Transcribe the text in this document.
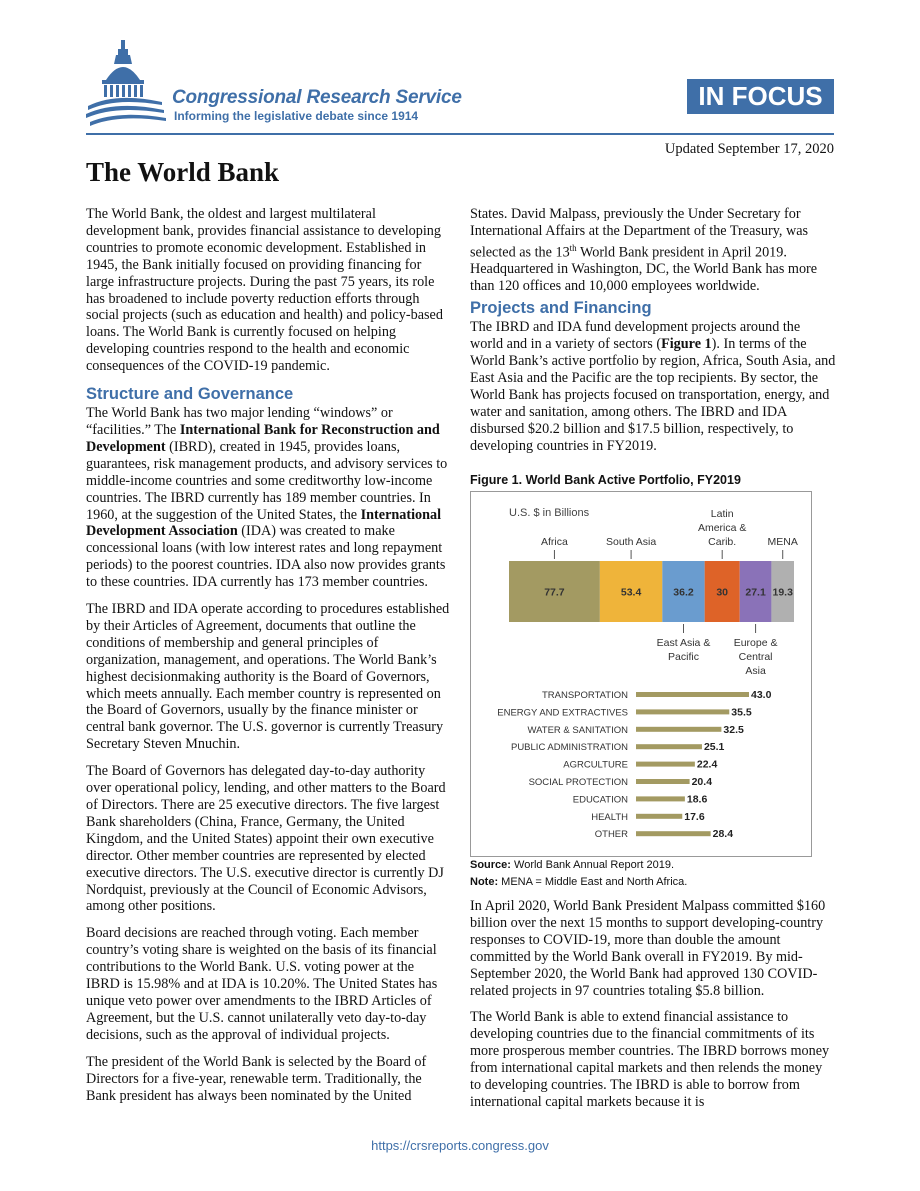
Congressional Research Service
Informing the legislative debate since 1914
IN FOCUS
Updated September 17, 2020
The World Bank

The World Bank, the oldest and largest multilateral development bank, provides financial assistance to developing countries to promote economic development. Established in 1945, the Bank initially focused on providing financing for large infrastructure projects. During the past 75 years, its role has broadened to include poverty reduction efforts through social projects (such as education and health) and policy-based loans. The World Bank is currently focused on helping developing countries respond to the health and economic consequences of the COVID-19 pandemic.

Structure and Governance

The World Bank has two major lending “windows” or “facilities.” The International Bank for Reconstruction and Development (IBRD), created in 1945, provides loans, guarantees, risk management products, and advisory services to middle-income countries and some creditworthy low-income countries. The IBRD currently has 189 member countries. In 1960, at the suggestion of the United States, the International Development Association (IDA) was created to make concessional loans (with low interest rates and long repayment periods) to the poorest countries. IDA also now provides grants to these countries. IDA currently has 173 member countries.

The IBRD and IDA operate according to procedures established by their Articles of Agreement, documents that outline the conditions of membership and general principles of organization, management, and operations. The World Bank’s highest decisionmaking authority is the Board of Governors, which meets annually. Each member country is represented on the Board of Governors, usually by the finance minister or central bank governor. The U.S. governor is currently Treasury Secretary Steven Mnuchin.

The Board of Governors has delegated day-to-day authority over operational policy, lending, and other matters to the Board of Directors. There are 25 executive directors. The five largest Bank shareholders (China, France, Germany, the United Kingdom, and the United States) appoint their own executive director. Other member countries are represented by elected executive directors. The U.S. executive director is currently DJ Nordquist, previously at the Council of Economic Advisors, among other positions.

Board decisions are reached through voting. Each member country’s voting share is weighted on the basis of its financial contributions to the World Bank. U.S. voting power at the IBRD is 15.98% and at IDA is 10.20%. The United States has unique veto power over amendments to the IBRD Articles of Agreement, but the U.S. cannot unilaterally veto day-to-day decisions, such as the approval of individual projects.

The president of the World Bank is selected by the Board of Directors for a five-year, renewable term. Traditionally, the Bank president has always been nominated by the United

States. David Malpass, previously the Under Secretary for International Affairs at the Department of the Treasury, was selected as the 13th World Bank president in April 2019. Headquartered in Washington, DC, the World Bank has more than 120 offices and 10,000 employees worldwide.

Projects and Financing

The IBRD and IDA fund development projects around the world and in a variety of sectors (Figure 1). In terms of the World Bank’s active portfolio by region, Africa, South Asia, and East Asia and the Pacific are the top recipients. By sector, the World Bank has projects focused on transportation, energy, and water and sanitation, among others. The IBRD and IDA disbursed $20.2 billion and $17.5 billion, respectively, to developing countries in FY2019.

Figure 1. World Bank Active Portfolio, FY2019
U.S. $ in Billions
77.7	53.4	36.2 30 27.1 19.3
Africa	South Asia
Latin
America &
Carib.	MENA
East Asia &
Pacific
Europe &
Central
Asia
TRANSPORTATION	43.0
ENERGY AND EXTRACTIVES	35.5
WATER & SANITATION	32.5
PUBLIC ADMINISTRATION	25.1
AGRCULTURE	22.4
SOCIAL PROTECTION	20.4
EDUCATION	18.6
HEALTH	17.6
OTHER	28.4

Source: World Bank Annual Report 2019.

Note: MENA = Middle East and North Africa.

In April 2020, World Bank President Malpass committed $160 billion over the next 15 months to support developing-country responses to COVID-19, more than double the amount committed by the World Bank overall in FY2019. By mid-September 2020, the World Bank had approved 130 COVID-related projects in 97 countries totaling $5.8 billion.

The World Bank is able to extend financial assistance to developing countries due to the financial commitments of its more prosperous member countries. The IBRD borrows money from international capital markets and then relends the money to developing countries. The IBRD is able to borrow from international capital markets because it is

https://crsreports.congress.gov
